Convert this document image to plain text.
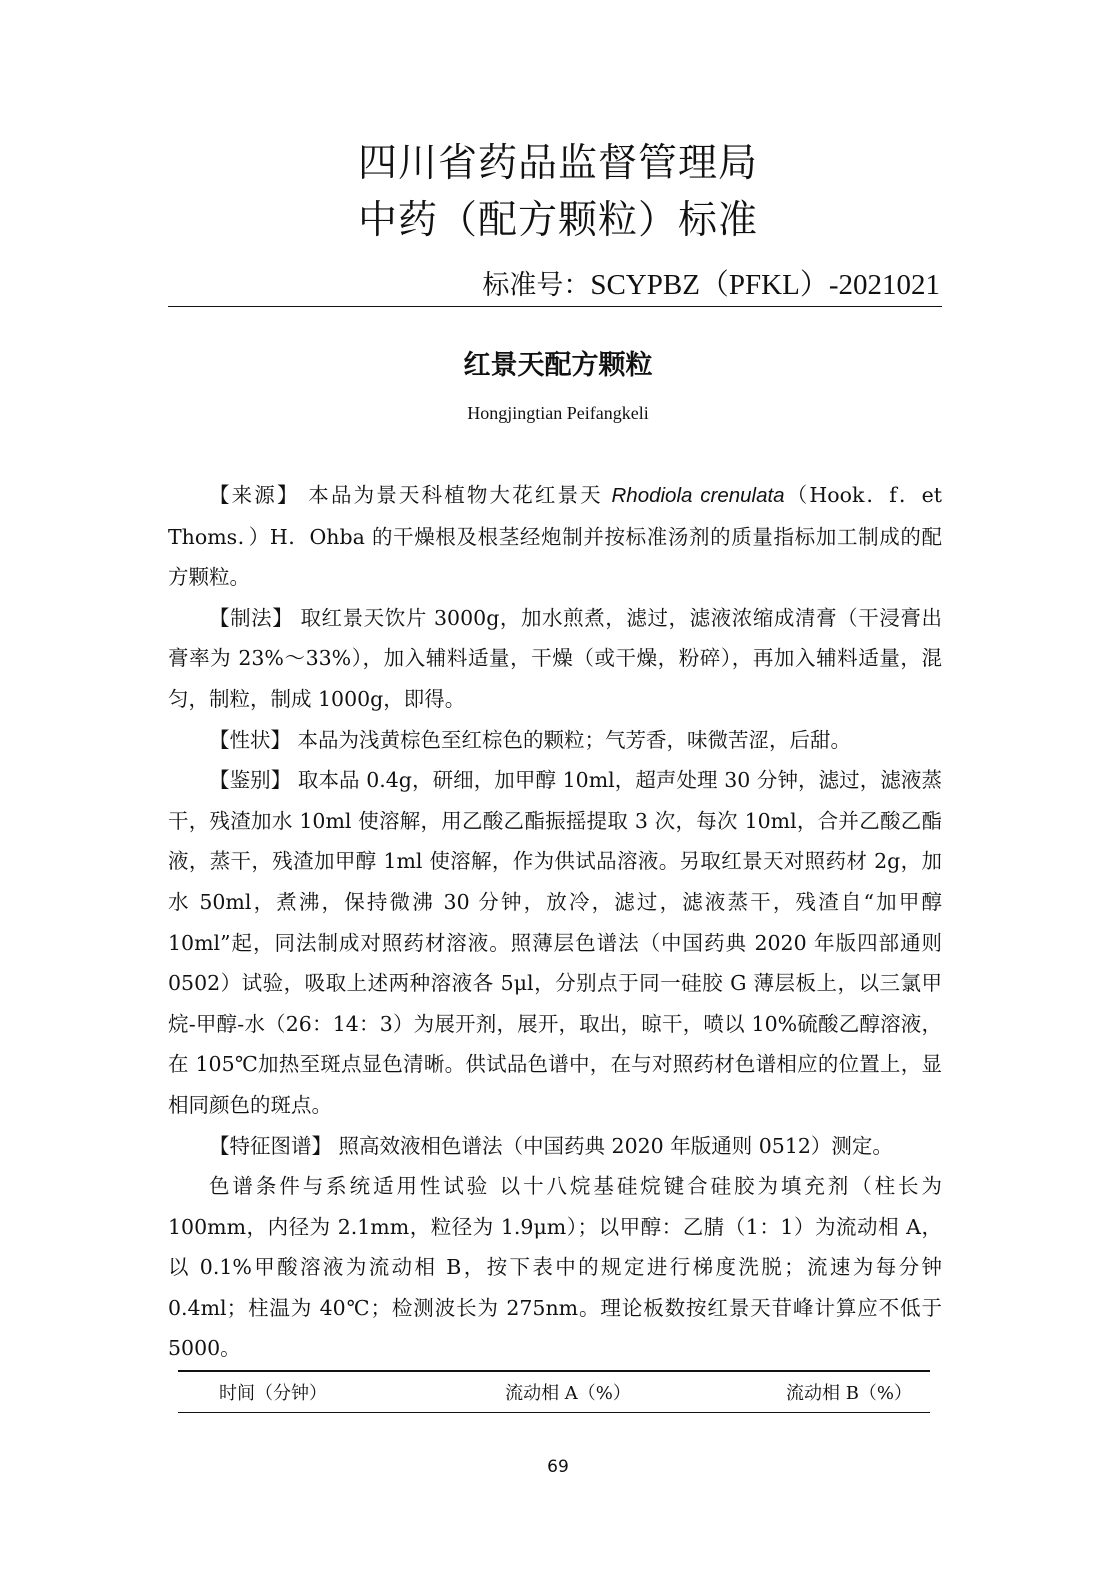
四川省药品监督管理局
中药（配方颗粒）标准
标准号：SCYPBZ（PFKL）-2021021
红景天配方颗粒
Hongjingtian Peifangkeli

【来源】 本品为景天科植物大花红景天 Rhodiola crenulata（Hook．f．et Thoms．）H．Ohba 的干燥根及根茎经炮制并按标准汤剂的质量指标加工制成的配方颗粒。

【制法】 取红景天饮片 3000g，加水煎煮，滤过，滤液浓缩成清膏（干浸膏出膏率为 23%～33%），加入辅料适量，干燥（或干燥，粉碎），再加入辅料适量，混匀，制粒，制成 1000g，即得。

【性状】 本品为浅黄棕色至红棕色的颗粒；气芳香，味微苦涩，后甜。

【鉴别】 取本品 0.4g，研细，加甲醇 10ml，超声处理 30 分钟，滤过，滤液蒸干，残渣加水 10ml 使溶解，用乙酸乙酯振摇提取 3 次，每次 10ml，合并乙酸乙酯液，蒸干，残渣加甲醇 1ml 使溶解，作为供试品溶液。另取红景天对照药材 2g，加水 50ml，煮沸，保持微沸 30 分钟，放冷，滤过，滤液蒸干，残渣自“加甲醇 10ml”起，同法制成对照药材溶液。照薄层色谱法（中国药典 2020 年版四部通则 0502）试验，吸取上述两种溶液各 5μl，分别点于同一硅胶 G 薄层板上，以三氯甲烷-甲醇-水（26：14：3）为展开剂，展开，取出，晾干，喷以 10%硫酸乙醇溶液，在 105℃加热至斑点显色清晰。供试品色谱中，在与对照药材色谱相应的位置上，显相同颜色的斑点。

【特征图谱】 照高效液相色谱法（中国药典 2020 年版通则 0512）测定。

色谱条件与系统适用性试验 以十八烷基硅烷键合硅胶为填充剂（柱长为 100mm，内径为 2.1mm，粒径为 1.9μm）；以甲醇：乙腈（1：1）为流动相 A，以 0.1%甲酸溶液为流动相 B，按下表中的规定进行梯度洗脱；流速为每分钟 0.4ml；柱温为 40℃；检测波长为 275nm。理论板数按红景天苷峰计算应不低于 5000。

时间（分钟）	流动相 A（%）	流动相 B（%）
69
